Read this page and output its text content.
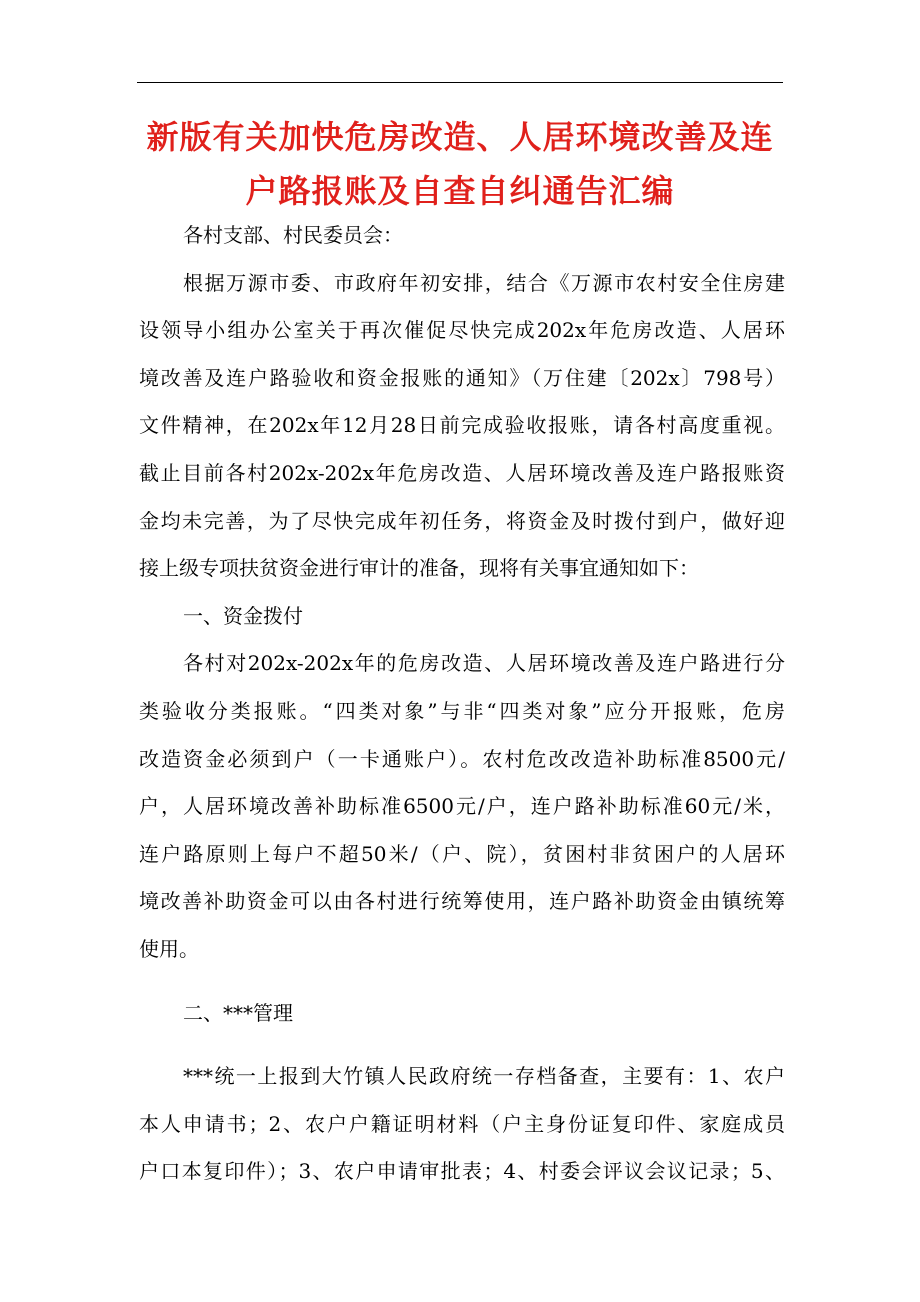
新版有关加快危房改造、人居环境改善及连
户路报账及自查自纠通告汇编
各村支部、村民委员会：
根据万源市委、市政府年初安排，结合《万源市农村安全住房建
设领导小组办公室关于再次催促尽快完成202x年危房改造、人居环
境改善及连户路验收和资金报账的通知》（万住建〔202x〕798号）
文件精神，在202x年12月28日前完成验收报账，请各村高度重视。
截止目前各村202x-202x年危房改造、人居环境改善及连户路报账资
金均未完善，为了尽快完成年初任务，将资金及时拨付到户，做好迎
接上级专项扶贫资金进行审计的准备，现将有关事宜通知如下：
一、资金拨付
各村对202x-202x年的危房改造、人居环境改善及连户路进行分
类验收分类报账。“四类对象”与非“四类对象”应分开报账，危房
改造资金必须到户（一卡通账户）。农村危改改造补助标准8500元/
户，人居环境改善补助标准6500元/户，连户路补助标准60元/米，
连户路原则上每户不超50米/（户、院），贫困村非贫困户的人居环
境改善补助资金可以由各村进行统筹使用，连户路补助资金由镇统筹
使用。
二、***管理
***统一上报到大竹镇人民政府统一存档备查，主要有：1、农户
本人申请书；2、农户户籍证明材料（户主身份证复印件、家庭成员
户口本复印件）；3、农户申请审批表；4、村委会评议会议记录；5、
